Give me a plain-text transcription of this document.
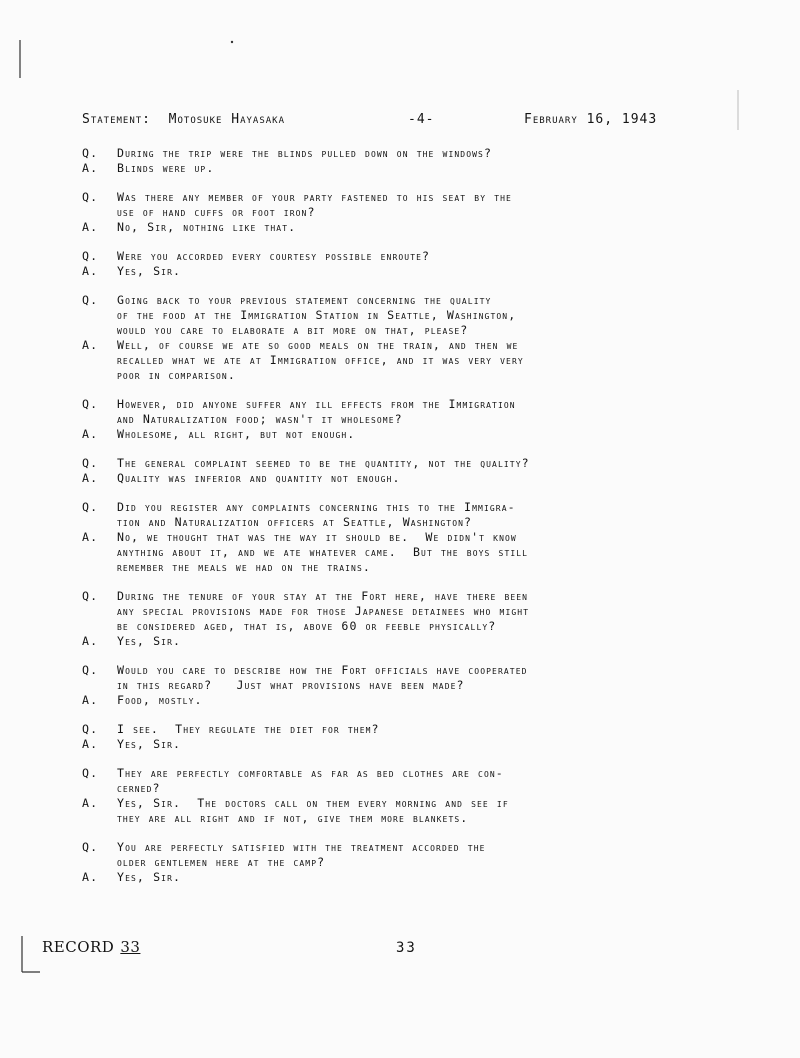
Statement: Motosuke Hayasaka	-4-	February 16, 1943
Q.	During the trip were the blinds pulled down on the windows?
A.	Blinds were up.
Q.	Was there any member of your party fastened to his seat by the
use of hand cuffs or foot iron?
A.	No, Sir, nothing like that.
Q.	Were you accorded every courtesy possible enroute?
A.	Yes, Sir.
Q.	Going back to your previous statement concerning the quality
of the food at the Immigration Station in Seattle, Washington,
would you care to elaborate a bit more on that, please?
A.	Well, of course we ate so good meals on the train, and then we
recalled what we ate at Immigration office, and it was very very
poor in comparison.
Q.	However, did anyone suffer any ill effects from the Immigration
and Naturalization food; wasn't it wholesome?
A.	Wholesome, all right, but not enough.
Q.	The general complaint seemed to be the quantity, not the quality?
A.	Quality was inferior and quantity not enough.
Q.	Did you register any complaints concerning this to the Immigra-
tion and Naturalization officers at Seattle, Washington?
A.	No, we thought that was the way it should be.  We didn't know
anything about it, and we ate whatever came.  But the boys still
remember the meals we had on the trains.
Q.	During the tenure of your stay at the Fort here, have there been
any special provisions made for those Japanese detainees who might
be considered aged, that is, above 60 or feeble physically?
A.	Yes, Sir.
Q.	Would you care to describe how the Fort officials have cooperated
in this regard?   Just what provisions have been made?
A.	Food, mostly.
Q.	I see.  They regulate the diet for them?
A.	Yes, Sir.
Q.	They are perfectly comfortable as far as bed clothes are con-
cerned?
A.	Yes, Sir.  The doctors call on them every morning and see if
they are all right and if not, give them more blankets.
Q.	You are perfectly satisfied with the treatment accorded the
older gentlemen here at the camp?
A.	Yes, Sir.
RECORD 33	33
